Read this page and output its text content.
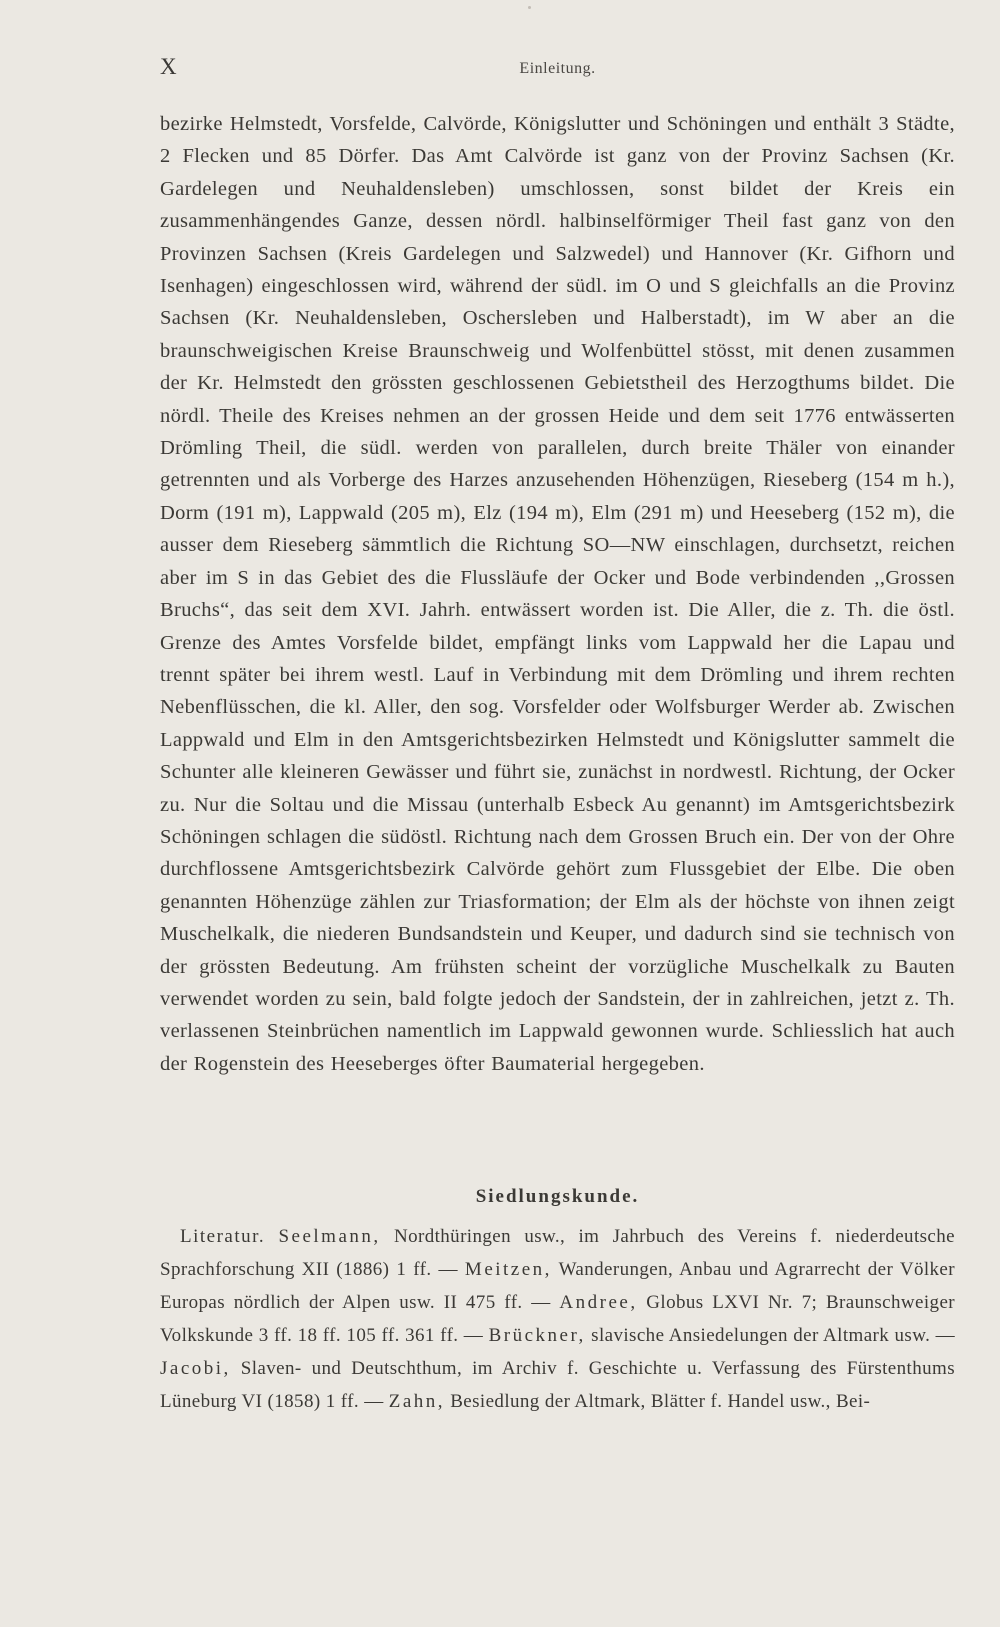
X	Einleitung.

bezirke Helmstedt, Vorsfelde, Calvörde, Königslutter und Schöningen und enthält 3 Städte, 2 Flecken und 85 Dörfer. Das Amt Calvörde ist ganz von der Provinz Sachsen (Kr. Gardelegen und Neuhaldensleben) umschlossen, sonst bildet der Kreis ein zusammenhängendes Ganze, dessen nördl. halbinselförmiger Theil fast ganz von den Provinzen Sachsen (Kreis Gardelegen und Salzwedel) und Hannover (Kr. Gifhorn und Isenhagen) eingeschlossen wird, während der südl. im O und S gleichfalls an die Provinz Sachsen (Kr. Neuhaldensleben, Oschersleben und Halberstadt), im W aber an die braunschweigischen Kreise Braunschweig und Wolfenbüttel stösst, mit denen zusammen der Kr. Helmstedt den grössten geschlossenen Gebietstheil des Herzogthums bildet. Die nördl. Theile des Kreises nehmen an der grossen Heide und dem seit 1776 entwässerten Drömling Theil, die südl. werden von parallelen, durch breite Thäler von einander getrennten und als Vorberge des Harzes anzusehenden Höhenzügen, Rieseberg (154 m h.), Dorm (191 m), Lappwald (205 m), Elz (194 m), Elm (291 m) und Heeseberg (152 m), die ausser dem Rieseberg sämmtlich die Richtung SO—NW einschlagen, durchsetzt, reichen aber im S in das Gebiet des die Flussläufe der Ocker und Bode verbindenden ,,Grossen Bruchs“, das seit dem XVI. Jahrh. entwässert worden ist. Die Aller, die z. Th. die östl. Grenze des Amtes Vorsfelde bildet, empfängt links vom Lappwald her die Lapau und trennt später bei ihrem westl. Lauf in Verbindung mit dem Drömling und ihrem rechten Nebenflüsschen, die kl. Aller, den sog. Vorsfelder oder Wolfsburger Werder ab. Zwischen Lappwald und Elm in den Amtsgerichtsbezirken Helmstedt und Königslutter sammelt die Schunter alle kleineren Gewässer und führt sie, zunächst in nordwestl. Richtung, der Ocker zu. Nur die Soltau und die Missau (unterhalb Esbeck Au genannt) im Amtsgerichtsbezirk Schöningen schlagen die südöstl. Richtung nach dem Grossen Bruch ein. Der von der Ohre durchflossene Amtsgerichtsbezirk Calvörde gehört zum Flussgebiet der Elbe. Die oben genannten Höhenzüge zählen zur Triasformation; der Elm als der höchste von ihnen zeigt Muschelkalk, die niederen Bundsandstein und Keuper, und dadurch sind sie technisch von der grössten Bedeutung. Am frühsten scheint der vorzügliche Muschelkalk zu Bauten verwendet worden zu sein, bald folgte jedoch der Sandstein, der in zahlreichen, jetzt z. Th. verlassenen Steinbrüchen namentlich im Lappwald gewonnen wurde. Schliesslich hat auch der Rogenstein des Heeseberges öfter Baumaterial hergegeben.

Siedlungskunde.

Literatur. Seelmann, Nordthüringen usw., im Jahrbuch des Vereins f. niederdeutsche Sprachforschung XII (1886) 1 ff. — Meitzen, Wanderungen, Anbau und Agrarrecht der Völker Europas nördlich der Alpen usw. II 475 ff. — Andree, Globus LXVI Nr. 7; Braunschweiger Volkskunde 3 ff. 18 ff. 105 ff. 361 ff. — Brückner, slavische Ansiedelungen der Altmark usw. — Jacobi, Slaven- und Deutschthum, im Archiv f. Geschichte u. Verfassung des Fürstenthums Lüneburg VI (1858) 1 ff. — Zahn, Besiedlung der Altmark, Blätter f. Handel usw., Bei-
